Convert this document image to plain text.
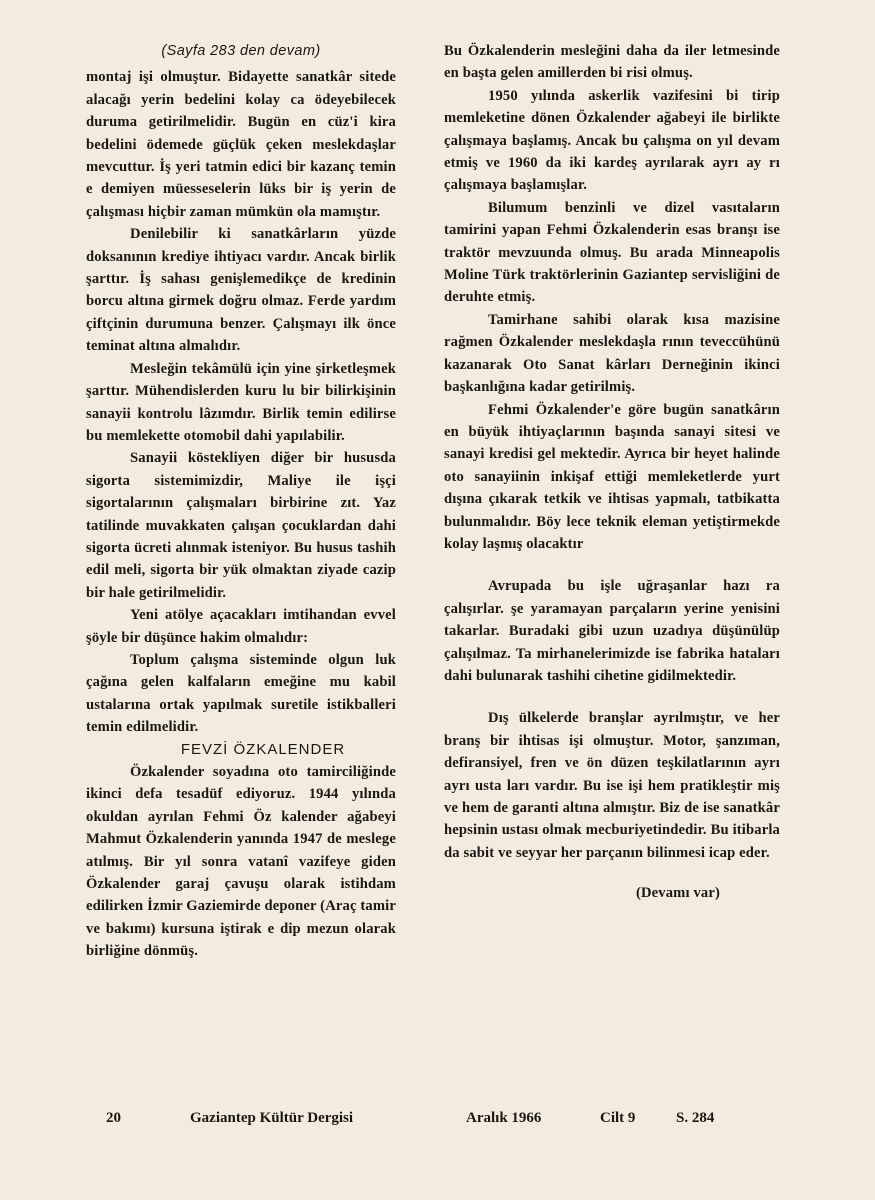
(Sayfa 283 den devam)

montaj işi olmuştur. Bidayette sanatkâr sitede alacağı yerin bedelini kolay ca ödeyebilecek duruma getirilmelidir. Bugün en cüz'i kira bedelini ödemede güçlük çeken meslekdaşlar mevcuttur. İş yeri tatmin edici bir kazanç temin e demiyen müesseselerin lüks bir iş yerin de çalışması hiçbir zaman mümkün ola mamıştır.

Denilebilir ki sanatkârların yüzde doksanının krediye ihtiyacı vardır. Ancak birlik şarttır. İş sahası genişlemedikçe de kredinin borcu altına girmek doğru olmaz. Ferde yardım çiftçinin durumuna benzer. Çalışmayı ilk önce teminat altına almalıdır.

Mesleğin tekâmülü için yine şirketleşmek şarttır. Mühendislerden kuru lu bir bilirkişinin sanayii kontrolu lâzımdır. Birlik temin edilirse bu memlekette otomobil dahi yapılabilir.

Sanayii köstekliyen diğer bir hususda sigorta sistemimizdir, Maliye ile işçi sigortalarının çalışmaları birbirine zıt. Yaz tatilinde muvakkaten çalışan çocuklardan dahi sigorta ücreti alınmak isteniyor. Bu husus tashih edil meli, sigorta bir yük olmaktan ziyade cazip bir hale getirilmelidir.

Yeni atölye açacakları imtihandan evvel şöyle bir düşünce hakim olmalıdır:

Toplum çalışma sisteminde olgun luk çağına gelen kalfaların emeğine mu kabil ustalarına ortak yapılmak suretile istikballeri temin edilmelidir.

FEVZİ ÖZKALENDER

Özkalender soyadına oto tamirciliğinde ikinci defa tesadüf ediyoruz. 1944 yılında okuldan ayrılan Fehmi Öz kalender ağabeyi Mahmut Özkalenderin yanında 1947 de meslege atılmış. Bir yıl sonra vatanî vazifeye giden Özkalender garaj çavuşu olarak istihdam edilirken İzmir Gaziemirde deponer (Araç tamir ve bakımı) kursuna iştirak e dip mezun olarak birliğine dönmüş.

Bu Özkalenderin mesleğini daha da iler letmesinde en başta gelen amillerden bi risi olmuş.

1950 yılında askerlik vazifesini bi tirip memleketine dönen Özkalender ağabeyi ile birlikte çalışmaya başlamış. Ancak bu çalışma on yıl devam etmiş ve 1960 da iki kardeş ayrılarak ayrı ay rı çalışmaya başlamışlar.

Bilumum benzinli ve dizel vasıtaların tamirini yapan Fehmi Özkalenderin esas branşı ise traktör mevzuunda olmuş. Bu arada Minneapolis Moline Türk traktörlerinin Gaziantep servisliğini de deruhte etmiş.

Tamirhane sahibi olarak kısa mazisine rağmen Özkalender meslekdaşla rının teveccühünü kazanarak Oto Sanat kârları Derneğinin ikinci başkanlığına kadar getirilmiş.

Fehmi Özkalender'e göre bugün sanatkârın en büyük ihtiyaçlarının başında sanayi sitesi ve sanayi kredisi gel mektedir. Ayrıca bir heyet halinde oto sanayiinin inkişaf ettiği memleketlerde yurt dışına çıkarak tetkik ve ihtisas yapmalı, tatbikatta bulunmalıdır. Böy lece teknik eleman yetiştirmekde kolay laşmış olacaktır

Avrupada bu işle uğraşanlar hazı ra çalışırlar. şe yaramayan parçaların yerine yenisini takarlar. Buradaki gibi uzun uzadıya düşünülüp çalışılmaz. Ta mirhanelerimizde ise fabrika hataları dahi bulunarak tashihi cihetine gidilmektedir.

Dış ülkelerde branşlar ayrılmıştır, ve her branş bir ihtisas işi olmuştur. Motor, şanzıman, defiransiyel, fren ve ön düzen teşkilatlarının ayrı ayrı usta ları vardır. Bu ise işi hem pratikleştir miş ve hem de garanti altına almıştır. Biz de ise sanatkâr hepsinin ustası olmak mecburiyetindedir. Bu itibarla da sabit ve seyyar her parçanın bilinmesi icap eder.

(Devamı var)

20	Gaziantep Kültür Dergisi	Aralık 1966	Cilt 9	S. 284
